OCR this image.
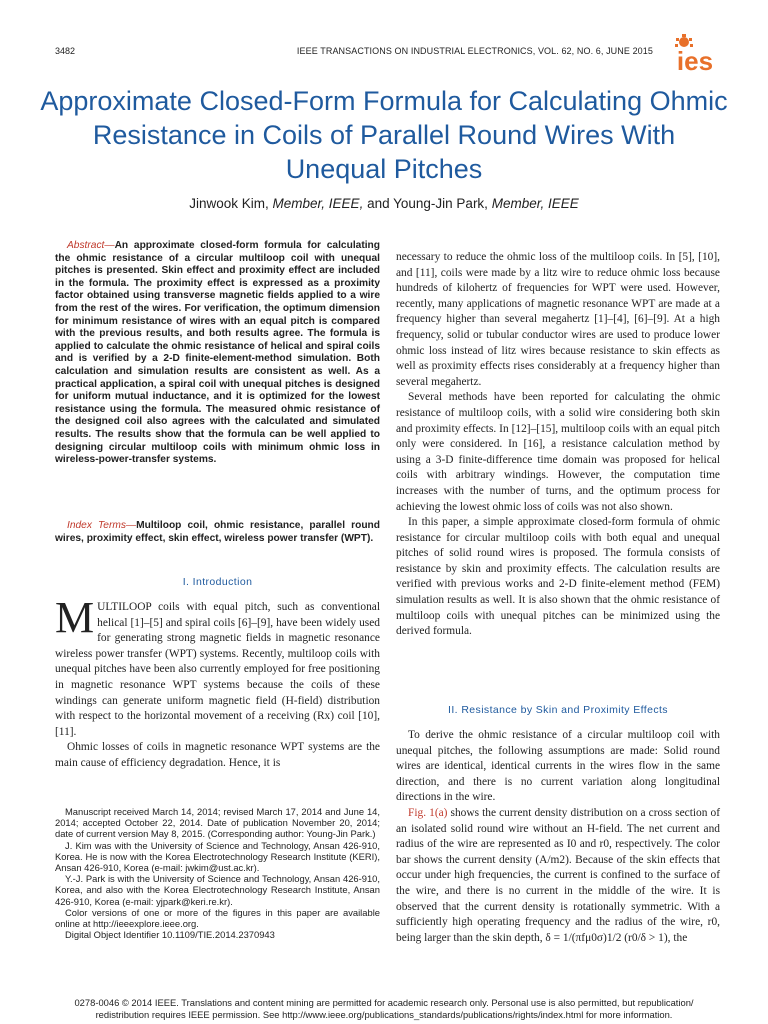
3482	IEEE TRANSACTIONS ON INDUSTRIAL ELECTRONICS, VOL. 62, NO. 6, JUNE 2015 ies
Approximate Closed-Form Formula for Calculating Ohmic Resistance in Coils of Parallel Round Wires With Unequal Pitches
Jinwook Kim, Member, IEEE, and Young-Jin Park, Member, IEEE
Abstract—An approximate closed-form formula for calculating the ohmic resistance of a circular multiloop coil with unequal pitches is presented. Skin effect and proximity effect are included in the formula. The proximity effect is expressed as a proximity factor obtained using transverse magnetic fields applied to a wire from the rest of the wires. For verification, the optimum dimension for minimum resistance of wires with an equal pitch is compared with the previous results, and both results agree. The formula is applied to calculate the ohmic resistance of helical and spiral coils and is verified by a 2-D finite-element-method simulation. Both calculation and simulation results are consistent as well. As a practical application, a spiral coil with unequal pitches is designed for uniform mutual inductance, and it is optimized for the lowest resistance using the formula. The measured ohmic resistance of the designed coil also agrees with the calculated and simulated results. The results show that the formula can be well applied to designing circular multiloop coils with minimum ohmic loss in wireless-power-transfer systems.
Index Terms—Multiloop coil, ohmic resistance, parallel round wires, proximity effect, skin effect, wireless power transfer (WPT).
I. Introduction

MULTILOOP coils with equal pitch, such as conventional helical [1]–[5] and spiral coils [6]–[9], have been widely used for generating strong magnetic fields in magnetic resonance wireless power transfer (WPT) systems. Recently, multiloop coils with unequal pitches have been also currently employed for free positioning in magnetic resonance WPT systems because the coils of these windings can generate uniform magnetic field (H-field) distribution with respect to the horizontal movement of a receiving (Rx) coil [10], [11].

Ohmic losses of coils in magnetic resonance WPT systems are the main cause of efficiency degradation. Hence, it is

Manuscript received March 14, 2014; revised March 17, 2014 and June 14, 2014; accepted October 22, 2014. Date of publication November 20, 2014; date of current version May 8, 2015. (Corresponding author: Young-Jin Park.)

J. Kim was with the University of Science and Technology, Ansan 426-910, Korea. He is now with the Korea Electrotechnology Research Institute (KERI), Ansan 426-910, Korea (e-mail: jwkim@ust.ac.kr).

Y.-J. Park is with the University of Science and Technology, Ansan 426-910, Korea, and also with the Korea Electrotechnology Research Institute, Ansan 426-910, Korea (e-mail: yjpark@keri.re.kr).

Color versions of one or more of the figures in this paper are available online at http://ieeexplore.ieee.org.

Digital Object Identifier 10.1109/TIE.2014.2370943

necessary to reduce the ohmic loss of the multiloop coils. In [5], [10], and [11], coils were made by a litz wire to reduce ohmic loss because hundreds of kilohertz of frequencies for WPT were used. However, recently, many applications of magnetic resonance WPT are made at a frequency higher than several megahertz [1]–[4], [6]–[9]. At a high frequency, solid or tubular conductor wires are used to produce lower ohmic loss instead of litz wires because resistance to skin effects as well as proximity effects rises considerably at a frequency higher than several megahertz.

Several methods have been reported for calculating the ohmic resistance of multiloop coils, with a solid wire considering both skin and proximity effects. In [12]–[15], multiloop coils with an equal pitch only were considered. In [16], a resistance calculation method by using a 3-D finite-difference time domain was proposed for helical coils with arbitrary windings. However, the computation time increases with the number of turns, and the optimum process for achieving the lowest ohmic loss of coils was not also shown.

In this paper, a simple approximate closed-form formula of ohmic resistance for circular multiloop coils with both equal and unequal pitches of solid round wires is proposed. The formula consists of resistance by skin and proximity effects. The calculation results are verified with previous works and 2-D finite-element method (FEM) simulation results as well. It is also shown that the ohmic resistance of multiloop coils with unequal pitches can be minimized using the derived formula.

II. Resistance by Skin and Proximity Effects

To derive the ohmic resistance of a circular multiloop coil with unequal pitches, the following assumptions are made: Solid round wires are identical, identical currents in the wires flow in the same direction, and there is no current variation along longitudinal directions in the wire.

Fig. 1(a) shows the current density distribution on a cross section of an isolated solid round wire without an H-field. The net current and radius of the wire are represented as I0 and r0, respectively. The color bar shows the current density (A/m2). Because of the skin effects that occur under high frequencies, the current is confined to the surface of the wire, and there is no current in the middle of the wire. It is observed that the current density is rotationally symmetric. With a sufficiently high operating frequency and the radius of the wire, r0, being larger than the skin depth, δ = 1/(πfμ0σ)1/2 (r0/δ > 1), the

0278-0046 © 2014 IEEE. Translations and content mining are permitted for academic research only. Personal use is also permitted, but republication/
redistribution requires IEEE permission. See http://www.ieee.org/publications_standards/publications/rights/index.html for more information.
